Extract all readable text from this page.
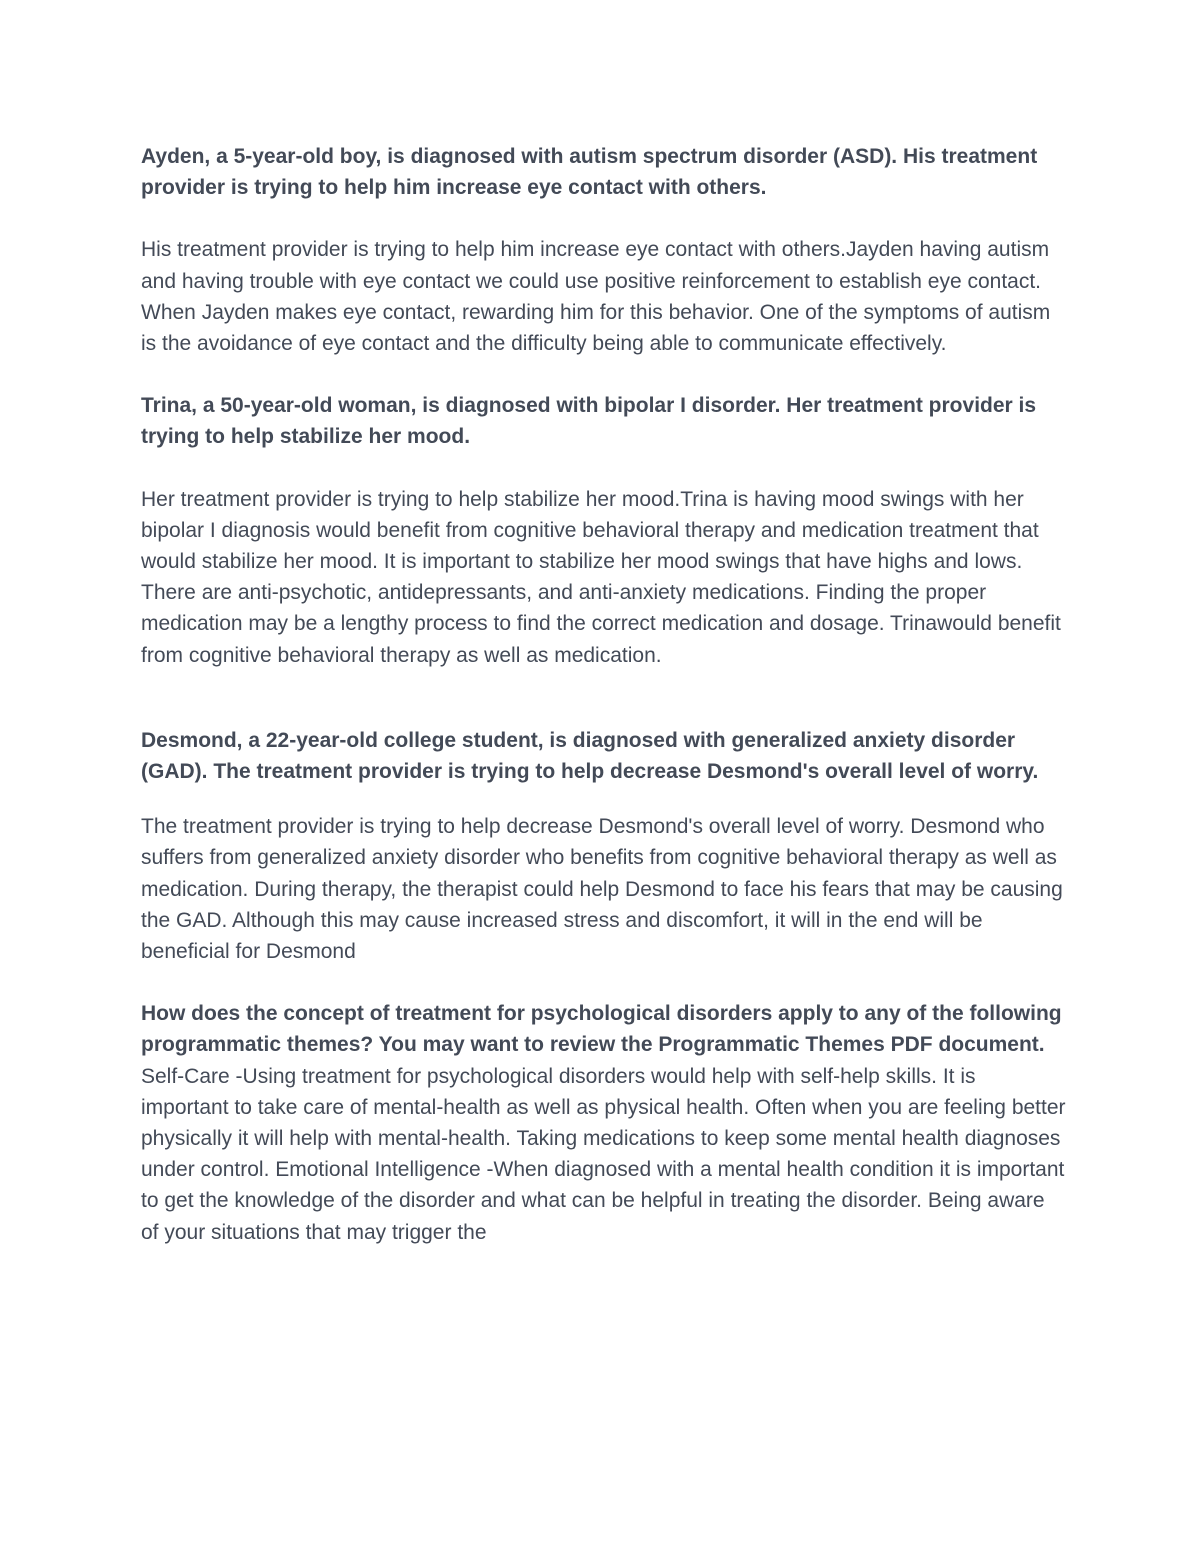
Ayden, a 5-year-old boy, is diagnosed with autism spectrum disorder (ASD). His treatment provider is trying to help him increase eye contact with others.

His treatment provider is trying to help him increase eye contact with others.Jayden having autism and having trouble with eye contact we could use positive reinforcement to establish eye contact. When Jayden makes eye contact, rewarding him for this behavior. One of the symptoms of autism is the avoidance of eye contact and the difficulty being able to communicate effectively.

Trina, a 50-year-old woman, is diagnosed with bipolar I disorder. Her treatment provider is trying to help stabilize her mood.

Her treatment provider is trying to help stabilize her mood.Trina is having mood swings with her bipolar I diagnosis would benefit from cognitive behavioral therapy and medication treatment that would stabilize her mood. It is important to stabilize her mood swings that have highs and lows. There are anti-psychotic, antidepressants, and anti-anxiety medications. Finding the proper medication may be a lengthy process to find the correct medication and dosage. Trinawould benefit from cognitive behavioral therapy as well as medication.

Desmond, a 22-year-old college student, is diagnosed with generalized anxiety disorder (GAD). The treatment provider is trying to help decrease Desmond's overall level of worry.

The treatment provider is trying to help decrease Desmond's overall level of worry. Desmond who suffers from generalized anxiety disorder who benefits from cognitive behavioral therapy as well as medication. During therapy, the therapist could help Desmond to face his fears that may be causing the GAD. Although this may cause increased stress and discomfort, it will in the end will be beneficial for Desmond

How does the concept of treatment for psychological disorders apply to any of the following programmatic themes? You may want to review the Programmatic Themes PDF document.

Self-Care -Using treatment for psychological disorders would help with self-help skills. It is important to take care of mental-health as well as physical health. Often when you are feeling better physically it will help with mental-health. Taking medications to keep some mental health diagnoses under control. Emotional Intelligence -When diagnosed with a mental health condition it is important to get the knowledge of the disorder and what can be helpful in treating the disorder. Being aware of your situations that may trigger the
